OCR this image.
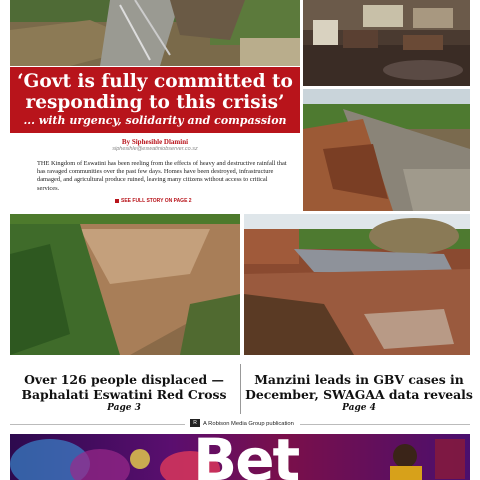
‘Govt is fully committed to
responding to this crisis’
... with urgency, solidarity and compassion
By Siphesihle Dlamini
siphesihle@eswatiniobserver.co.sz
THE Kingdom of Eswatini has been reeling from the effects of heavy and destructive rainfall that has ravaged communities over the past few days. Homes have been destroyed, infrastructure damaged, and agricultural produce ruined, leaving many citizens without access to critical services.
SEE FULL STORY ON PAGE 2
Over 126 people displaced —
Baphalati Eswatini Red Cross
Page 3
Manzini leads in GBV cases in
December, SWAGAA data reveals
Page 4
R A Robison Media Group publication
Bet
